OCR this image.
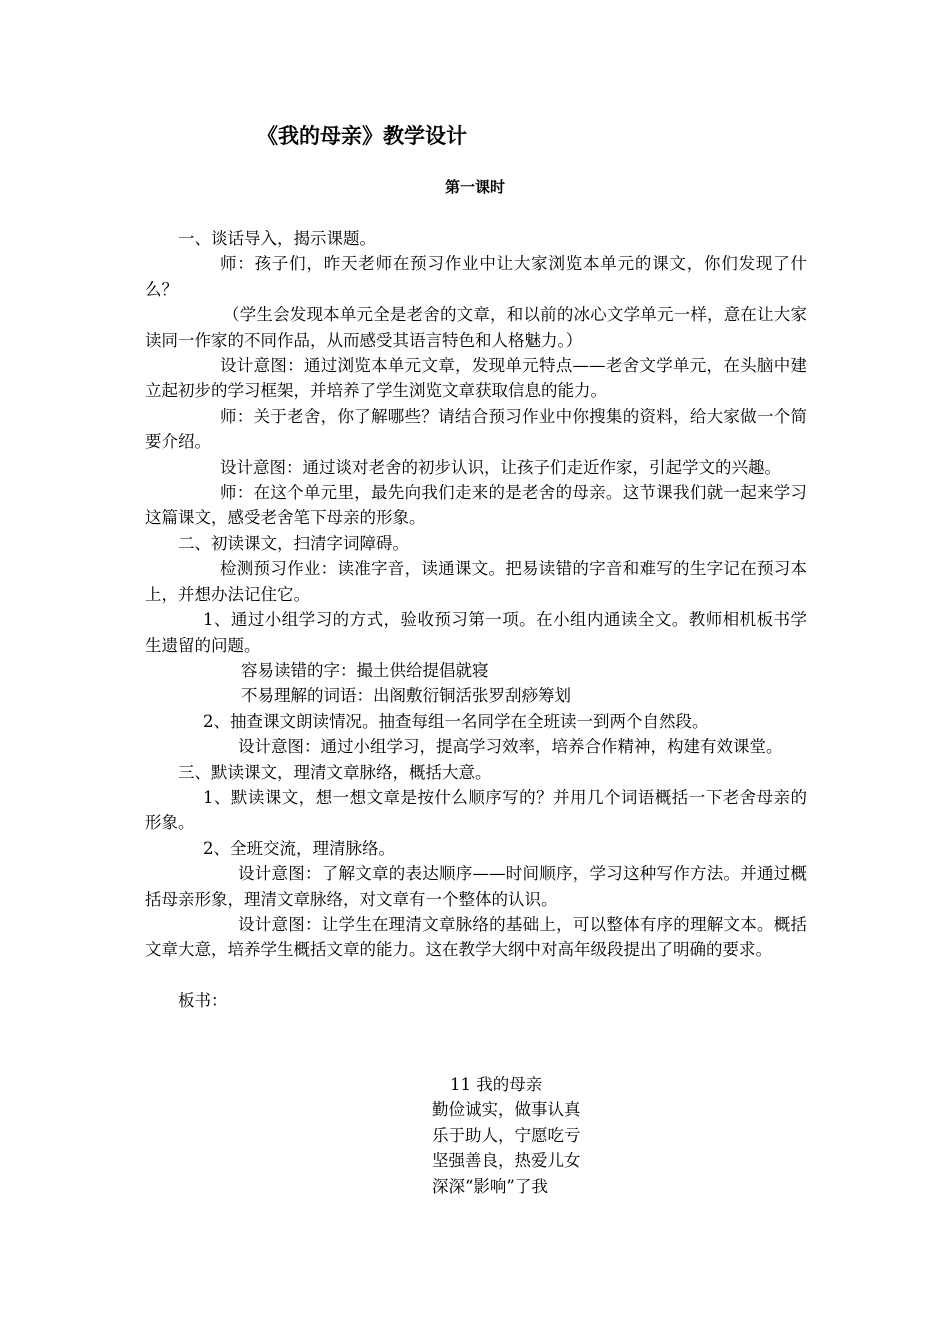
《我的母亲》教学设计
第一课时

一、谈话导入，揭示课题。

师：孩子们，昨天老师在预习作业中让大家浏览本单元的课文，你们发现了什么？

（学生会发现本单元全是老舍的文章，和以前的冰心文学单元一样，意在让大家读同一作家的不同作品，从而感受其语言特色和人格魅力。）

设计意图：通过浏览本单元文章，发现单元特点——老舍文学单元，在头脑中建立起初步的学习框架，并培养了学生浏览文章获取信息的能力。

师：关于老舍，你了解哪些？请结合预习作业中你搜集的资料，给大家做一个简要介绍。

设计意图：通过谈对老舍的初步认识，让孩子们走近作家，引起学文的兴趣。

师：在这个单元里，最先向我们走来的是老舍的母亲。这节课我们就一起来学习这篇课文，感受老舍笔下母亲的形象。

二、初读课文，扫清字词障碍。

检测预习作业：读准字音，读通课文。把易读错的字音和难写的生字记在预习本上，并想办法记住它。

1、通过小组学习的方式，验收预习第一项。在小组内通读全文。教师相机板书学生遗留的问题。

容易读错的字：撮土供给提倡就寝

不易理解的词语：出阁敷衍铜活张罗刮痧筹划

2、抽查课文朗读情况。抽查每组一名同学在全班读一到两个自然段。

设计意图：通过小组学习，提高学习效率，培养合作精神，构建有效课堂。

三、默读课文，理清文章脉络，概括大意。

1、默读课文，想一想文章是按什么顺序写的？并用几个词语概括一下老舍母亲的形象。

2、全班交流，理清脉络。

设计意图：了解文章的表达顺序——时间顺序，学习这种写作方法。并通过概括母亲形象，理清文章脉络，对文章有一个整体的认识。

设计意图：让学生在理清文章脉络的基础上，可以整体有序的理解文本。概括文章大意，培养学生概括文章的能力。这在教学大纲中对高年级段提出了明确的要求。

板书：

11 我的母亲
勤俭诚实，做事认真
乐于助人，宁愿吃亏
坚强善良，热爱儿女
深深“影响”了我
